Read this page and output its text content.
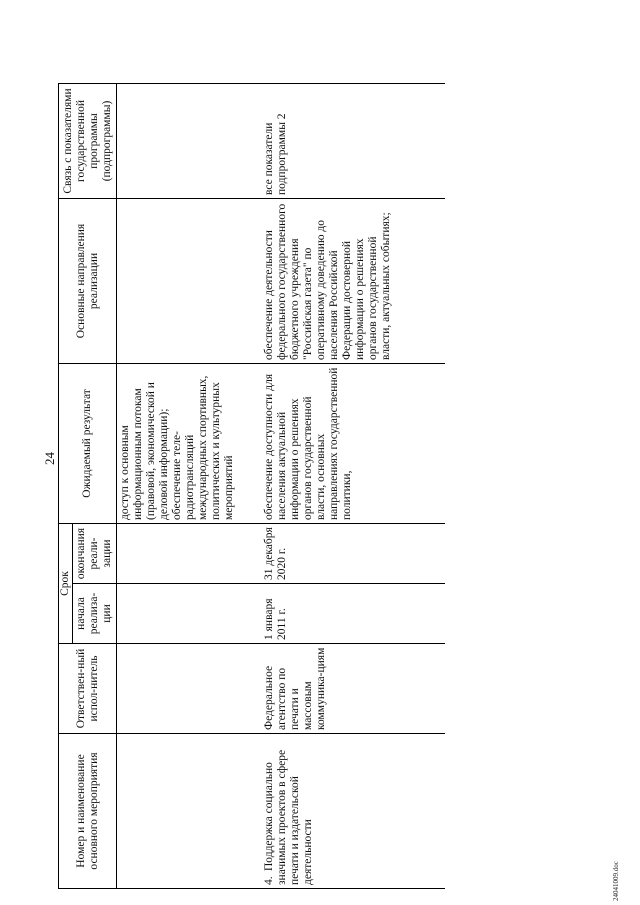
24
Номер и наименование основного мероприятия	Ответствен-ный испол-нитель	Срок		Ожидаемый результат	Основные направления реализации	Связь с показателями государственной программы (подпрограммы)
		начала реализа-ции	окончания реали-зации			
				доступ к основным информационным потокам (правовой, экономической и деловой информации); обеспечение теле-радиотрансляций международных спортивных, политических и культурных мероприятий		
4.Поддержка социально значимых проектов в сфере печати и издательской деятельности	Федеральное агентство по печати и массовым коммуника-циям	1 января 2011 г.	31 декабря 2020 г.	обеспечение доступности для населения актуальной информации о решениях органов государственной власти, основных направлениях государственной политики,	обеспечение деятельности федерального государственного бюджетного учреждения "Российская газета" по оперативному доведению до населения Российской Федерации достоверной информации о решениях органов государственной власти, актуальных событиях;	все показатели подпрограммы 2
24041009.doc
